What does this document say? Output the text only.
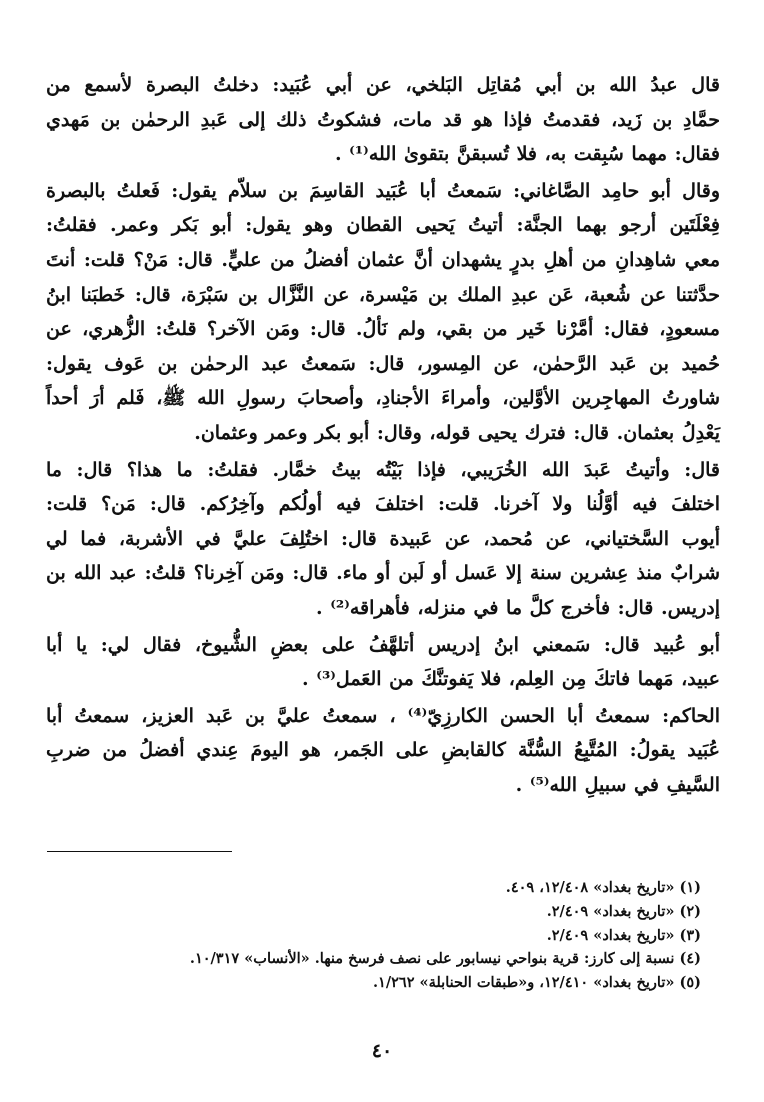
قال عبدُ الله بن أبي مُقاتِل البَلخي، عن أبي عُبَيد: دخلتُ البصرة لأسمع من
حمَّادِ بن زَيد، فقدمتُ فإذا هو قد مات، فشكوتُ ذلك إلى عَبدِ الرحمٰن بن مَهدي
فقال: مهما سُبِقت به، فلا تُسبقنَّ بتقوىٰ الله⁽¹⁾ .

وقال أبو حامِد الصَّاغاني: سَمعتُ أبا عُبَيد القاسِمَ بن سلاّم يقول: فَعلتُ بالبصرة
فِعْلَتَين أرجو بهما الجنَّة: أتيتُ يَحيى القطان وهو يقول: أبو بَكر وعمر. فقلتُ:
معي شاهِدانِ من أهلِ بدرٍ يشهدان أنَّ عثمان أفضلُ من عليٍّ. قال: مَنْ؟ قلت: أنتَ
حدَّثتنا عن شُعبة، عَن عبدِ الملك بن مَيْسرة، عن النَّزَّال بن سَبْرَة، قال: خَطبَنا ابنُ
مسعودٍ، فقال: أمَّرْنا خَير من بقي، ولم نَألُ. قال: ومَن الآخر؟ قلتُ: الزُّهري، عن
حُميد بن عَبد الرَّحمٰن، عن المِسور، قال: سَمعتُ عبد الرحمٰن بن عَوف يقول:
شاورتُ المهاجِرين الأوَّلين، وأمراءَ الأجنادِ، وأصحابَ رسولِ الله ﷺ، فَلم أرَ أحداً
يَعْدِلُ بعثمان. قال: فترك يحيى قوله، وقال: أبو بكر وعمر وعثمان.

قال: وأتيتُ عَبدَ الله الخُرَيبي، فإذا بَيْتُه بيتُ خمَّار. فقلتُ: ما هذا؟ قال: ما
اختلفَ فيه أوَّلُنا ولا آخرنا. قلت: اختلفَ فيه أولُكم وآخِرُكم. قال: مَن؟ قلت:
أيوب السَّختياني، عن مُحمد، عن عَبيدة قال: اختُلِفَ عليَّ في الأشربة، فما لي
شرابٌ منذ عِشرين سنة إلا عَسل أو لَبن أو ماء. قال: ومَن آخِرنا؟ قلتُ: عبد الله بن
إدريس. قال: فأخرج كلَّ ما في منزله، فأهراقه⁽²⁾ .

أبو عُبيد قال: سَمعني ابنُ إدريس أتلهَّفُ على بعضِ الشُّيوخ، فقال لي: يا أبا
عبيد، مَهما فاتكَ مِن العِلم، فلا يَفوتنَّكَ من العَمل⁽³⁾ .

الحاكم: سمعتُ أبا الحسن الكارزِيّ⁽⁴⁾ ، سمعتُ عليَّ بن عَبد العزيز، سمعتُ أبا
عُبَيد يقولُ: المُتَّبِعُ السُّنَّة كالقابضِ على الجَمر، هو اليومَ عِندي أفضلُ من ضربِ
السَّيفِ في سبيلِ الله⁽⁵⁾ .

(١) «تاريخ بغداد» ١٢/٤٠٨، ٤٠٩.
(٢) «تاريخ بغداد» ٢/٤٠٩.
(٣) «تاريخ بغداد» ٢/٤٠٩.
(٤) نسبة إلى كارز: قرية بنواحي نيسابور على نصف فرسخ منها. «الأنساب» ١٠/٣١٧.
(٥) «تاريخ بغداد» ١٢/٤١٠، و«طبقات الحنابلة» ١/٢٦٢.
٤٠
